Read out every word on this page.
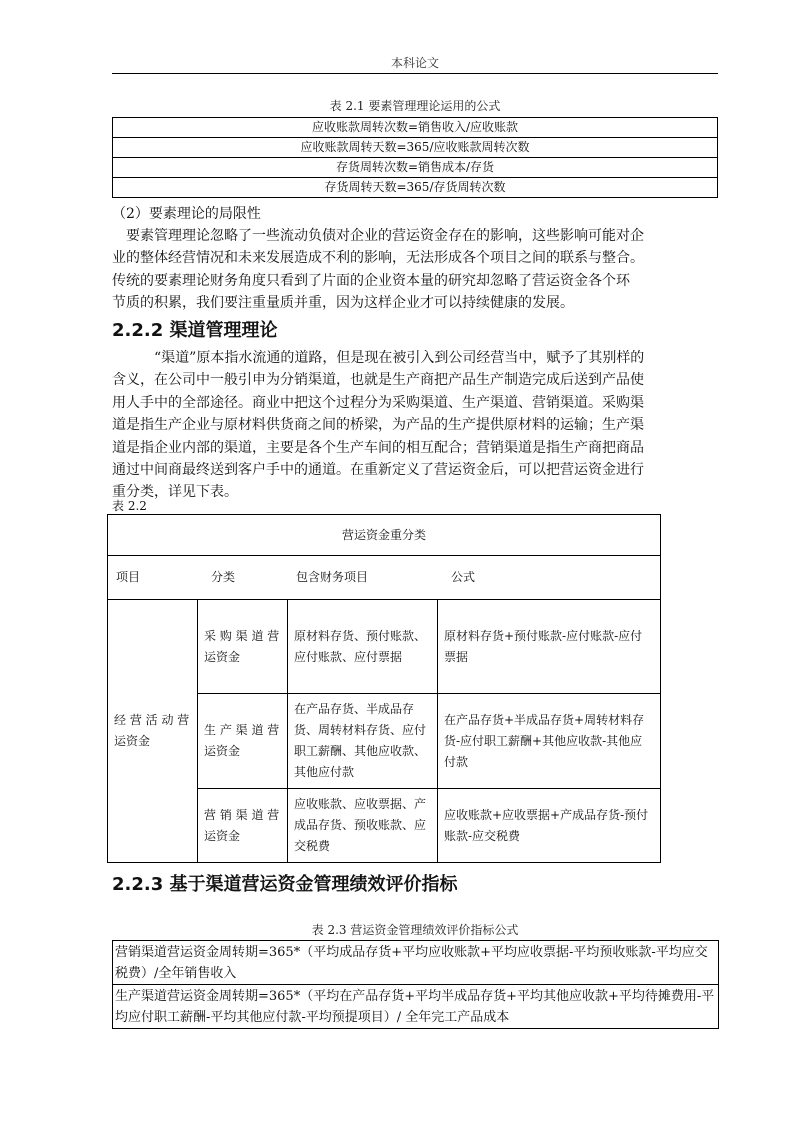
本科论文
表 2.1 要素管理理论运用的公式
应收账款周转次数=销售收入/应收账款
应收账款周转天数=365/应收账款周转次数
存货周转次数=销售成本/存货
存货周转天数=365/存货周转次数
（2）要素理论的局限性
要素管理理论忽略了一些流动负债对企业的营运资金存在的影响，这些影响可能对企
业的整体经营情况和未来发展造成不利的影响，无法形成各个项目之间的联系与整合。
传统的要素理论财务角度只看到了片面的企业资本量的研究却忽略了营运资金各个环
节质的积累，我们要注重量质并重，因为这样企业才可以持续健康的发展。
2.2.2 渠道管理理论
“渠道”原本指水流通的道路，但是现在被引入到公司经营当中，赋予了其别样的
含义，在公司中一般引申为分销渠道，也就是生产商把产品生产制造完成后送到产品使
用人手中的全部途径。商业中把这个过程分为采购渠道、生产渠道、营销渠道。采购渠
道是指生产企业与原材料供货商之间的桥梁，为产品的生产提供原材料的运输；生产渠
道是指企业内部的渠道，主要是各个生产车间的相互配合；营销渠道是指生产商把商品
通过中间商最终送到客户手中的通道。在重新定义了营运资金后，可以把营运资金进行
重分类，详见下表。
表 2.2
营运资金重分类			
项目 分类 包含财务项目 公式			
经 营 活 动 营运资金	采 购 渠 道 营运资金	原材料存货、预付账款、应付账款、应付票据	原材料存货+预付账款-应付账款-应付票据
	生 产 渠 道 营运资金	在产品存货、半成品存货、周转材料存货、应付职工薪酬、其他应收款、其他应付款	在产品存货+半成品存货+周转材料存货-应付职工薪酬+其他应收款-其他应付款
	营 销 渠 道 营运资金	应收账款、应收票据、产成品存货、预收账款、应交税费	应收账款+应收票据+产成品存货-预付账款-应交税费
2.2.3 基于渠道营运资金管理绩效评价指标
表 2.3 营运资金管理绩效评价指标公式
营销渠道营运资金周转期=365*（平均成品存货+平均应收账款+平均应收票据-平均预收账款-平均应交税费）/全年销售收入
生产渠道营运资金周转期=365*（平均在产品存货+平均半成品存货+平均其他应收款+平均待摊费用-平均应付职工薪酬-平均其他应付款-平均预提项目）/ 全年完工产品成本
